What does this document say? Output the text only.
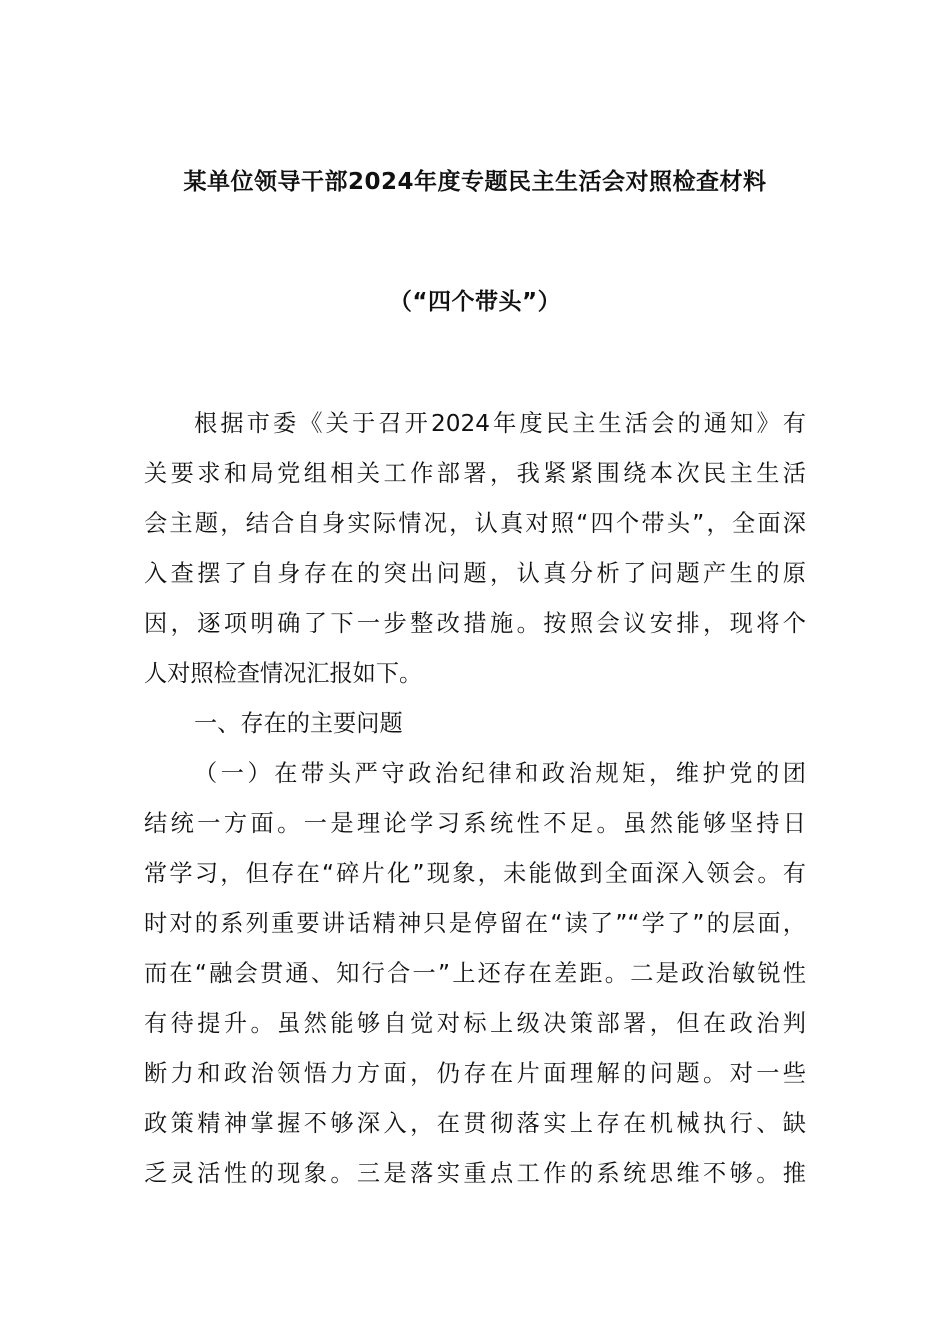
某单位领导干部2024年度专题民主生活会对照检查材料
（“四个带头”）
根据市委《关于召开2024年度民主生活会的通知》有
关要求和局党组相关工作部署，我紧紧围绕本次民主生活
会主题，结合自身实际情况，认真对照“四个带头”，全面深
入查摆了自身存在的突出问题，认真分析了问题产生的原
因，逐项明确了下一步整改措施。按照会议安排，现将个
人对照检查情况汇报如下。
一、存在的主要问题
（一）在带头严守政治纪律和政治规矩，维护党的团
结统一方面。一是理论学习系统性不足。虽然能够坚持日
常学习，但存在“碎片化”现象，未能做到全面深入领会。有
时对的系列重要讲话精神只是停留在“读了”“学了”的层面，
而在“融会贯通、知行合一”上还存在差距。二是政治敏锐性
有待提升。虽然能够自觉对标上级决策部署，但在政治判
断力和政治领悟力方面，仍存在片面理解的问题。对一些
政策精神掌握不够深入，在贯彻落实上存在机械执行、缺
乏灵活性的现象。三是落实重点工作的系统思维不够。推
